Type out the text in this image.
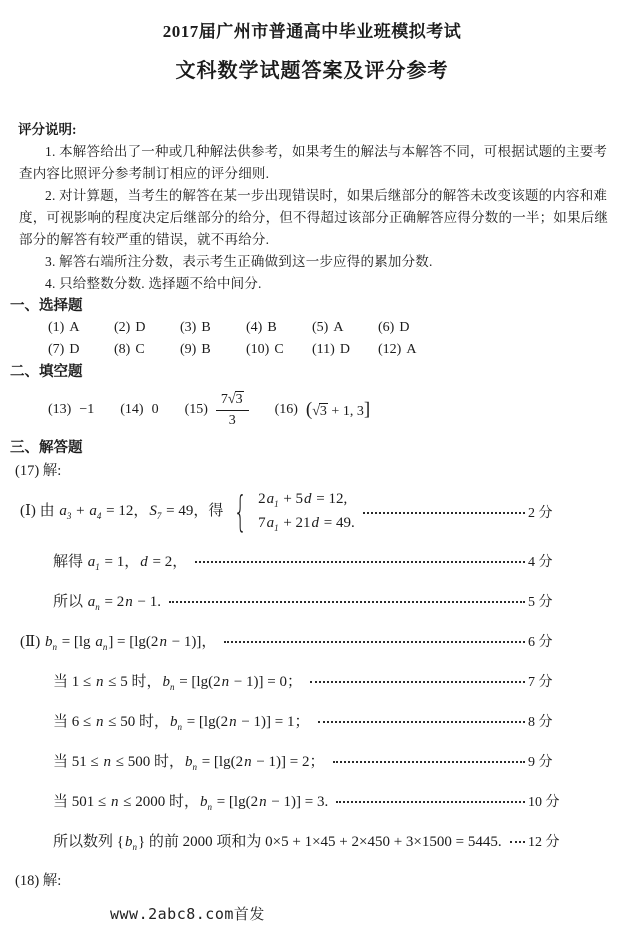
2017届广州市普通高中毕业班模拟考试
文科数学试题答案及评分参考
评分说明:
1. 本解答给出了一种或几种解法供参考，如果考生的解法与本解答不同，可根据试题的主要考
查内容比照评分参考制订相应的评分细则.
2. 对计算题，当考生的解答在某一步出现错误时，如果后继部分的解答未改变该题的内容和难
度，可视影响的程度决定后继部分的给分，但不得超过该部分正确解答应得分数的一半；如果后继
部分的解答有较严重的错误，就不再给分.
3. 解答右端所注分数，表示考生正确做到这一步应得的累加分数.
4. 只给整数分数. 选择题不给中间分.
一、选择题
(1) A	(2) D	(3) B	(4) B	(5) A	(6) D
(7) D	(8) C	(9) B	(10) C	(11) D	(12) A
二、填空题
(13) −1 (14) 0 $(15) \frac{7√3}{3} (16) (√3 + 1$, 3]
三、解答题
(17) 解:
(Ⅰ) 由 $a_3 + a_4 = 12$，$S_7 = 49$，得 { $2a_1 + 5d = 12$,
$7a_1 + 21d = 49$.
2 分
解得 $a_1 = 1$，d = 2，	4 分
所以 $a_n = 2n - 1$.	5 分
(Ⅱ) $b_n = [\lg$ $a_n] = [\lg(2n - 1)]$，	6 分
当 1 ≤ n ≤ 5 时，$b_n = [\lg(2n - 1)] = 0$；	7 分
当 6 ≤ n ≤ 50 时，$b_n = [\lg(2n - 1)] = 1$；	8 分
当 51 ≤ n ≤ 500 时，$b_n = [\lg(2n - 1)] = 2$；	9 分
当 501 ≤ n ≤ 2000 时，$b_n = [\lg(2n - 1)] = 3$.	10 分
所以数列 $\{b_n\}$ 的前 2000 项和为 0×5 + 1×45 + 2×450 + 3×1500 = 5445. 12 分
(18) 解:
www.2abc8.com首发
